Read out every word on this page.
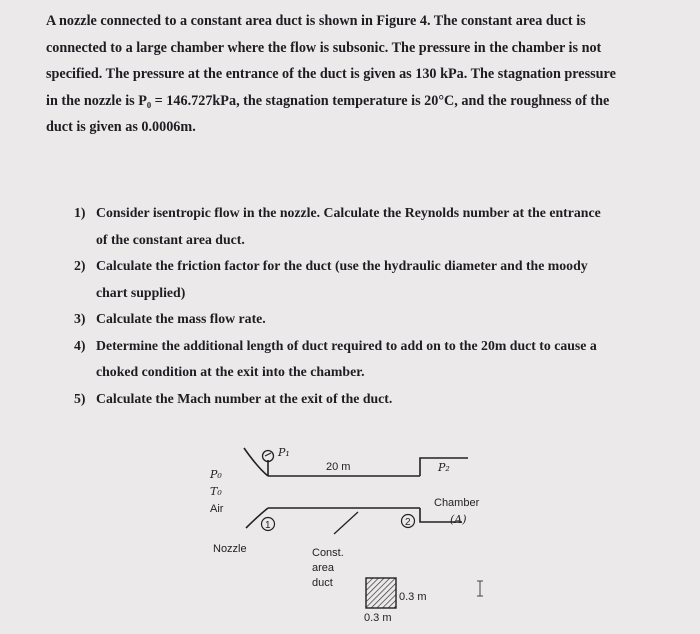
A nozzle connected to a constant area duct is shown in Figure 4. The constant area duct is
connected to a large chamber where the flow is subsonic. The pressure in the chamber is not
specified. The pressure at the entrance of the duct is given as 130 kPa. The stagnation pressure
in the nozzle is P₀ = 146.727kPa, the stagnation temperature is 20°C, and the roughness of the
duct is given as 0.0006m.
1) Consider isentropic flow in the nozzle. Calculate the Reynolds number at the entrance
of the constant area duct.
2) Calculate the friction factor for the duct (use the hydraulic diameter and the moody
chart supplied)
3) Calculate the mass flow rate.
4) Determine the additional length of duct required to add on to the 20m duct to cause a
choked condition at the exit into the chamber.
5) Calculate the Mach number at the exit of the duct.
P₀
T₀
Air
P₁
20 m	P₂
Chamber
(A)
1	2
Nozzle	Const.
area
duct
0.3 m
0.3 m
